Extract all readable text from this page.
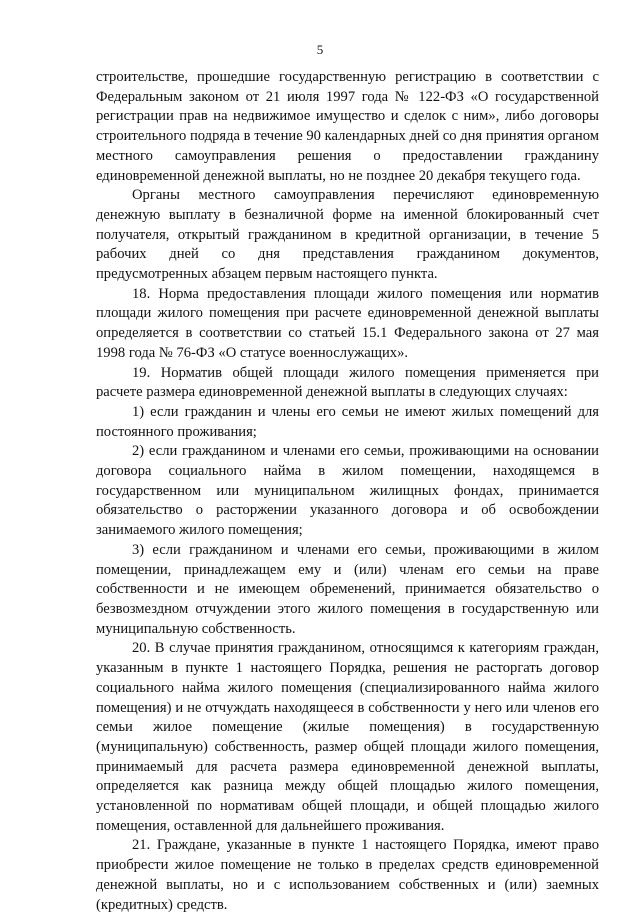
5

строительстве, прошедшие государственную регистрацию в соответствии с Федеральным законом от 21 июля 1997 года № 122-ФЗ «О государственной регистрации прав на недвижимое имущество и сделок с ним», либо договоры строительного подряда в течение 90 календарных дней со дня принятия органом местного самоуправления решения о предоставлении гражданину единовременной денежной выплаты, но не позднее 20 декабря текущего года.

Органы местного самоуправления перечисляют единовременную денежную выплату в безналичной форме на именной блокированный счет получателя, открытый гражданином в кредитной организации, в течение 5 рабочих дней со дня представления гражданином документов, предусмотренных абзацем первым настоящего пункта.

18. Норма предоставления площади жилого помещения или норматив площади жилого помещения при расчете единовременной денежной выплаты определяется в соответствии со статьей 15.1 Федерального закона от 27 мая 1998 года № 76-ФЗ «О статусе военнослужащих».

19. Норматив общей площади жилого помещения применяется при расчете размера единовременной денежной выплаты в следующих случаях:

1) если гражданин и члены его семьи не имеют жилых помещений для постоянного проживания;

2) если гражданином и членами его семьи, проживающими на основании договора социального найма в жилом помещении, находящемся в государственном или муниципальном жилищных фондах, принимается обязательство о расторжении указанного договора и об освобождении занимаемого жилого помещения;

3) если гражданином и членами его семьи, проживающими в жилом помещении, принадлежащем ему и (или) членам его семьи на праве собственности и не имеющем обременений, принимается обязательство о безвозмездном отчуждении этого жилого помещения в государственную или муниципальную собственность.

20. В случае принятия гражданином, относящимся к категориям граждан, указанным в пункте 1 настоящего Порядка, решения не расторгать договор социального найма жилого помещения (специализированного найма жилого помещения) и не отчуждать находящееся в собственности у него или членов его семьи жилое помещение (жилые помещения) в государственную (муниципальную) собственность, размер общей площади жилого помещения, принимаемый для расчета размера единовременной денежной выплаты, определяется как разница между общей площадью жилого помещения, установленной по нормативам общей площади, и общей площадью жилого помещения, оставленной для дальнейшего проживания.

21. Граждане, указанные в пункте 1 настоящего Порядка, имеют право приобрести жилое помещение не только в пределах средств единовременной денежной выплаты, но и с использованием собственных и (или) заемных (кредитных) средств.
